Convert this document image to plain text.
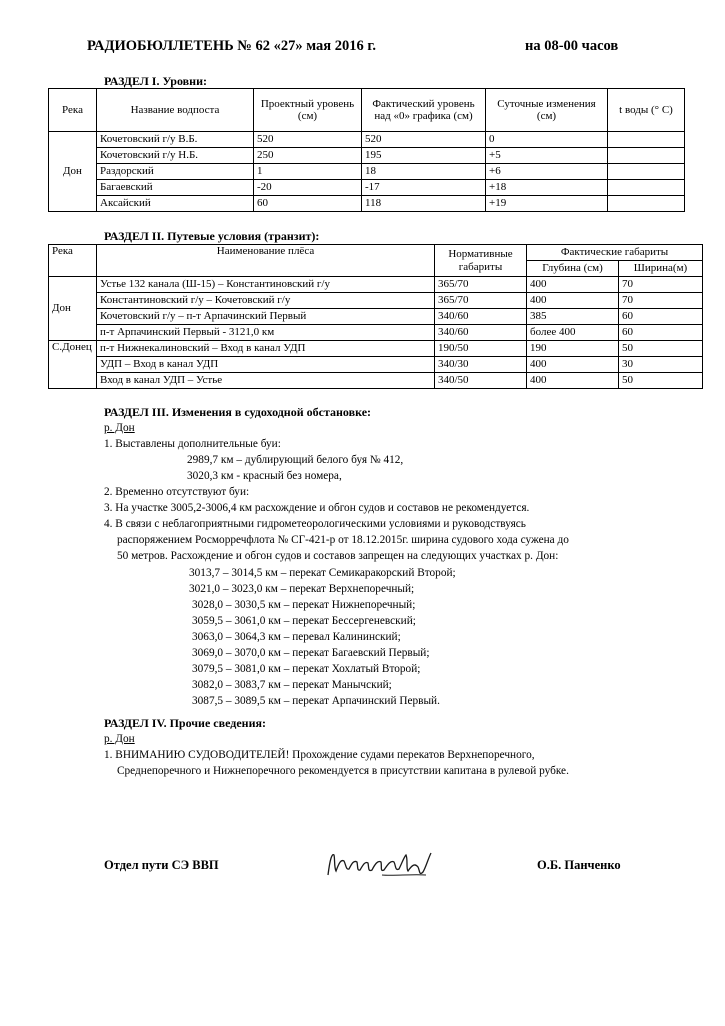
РАДИОБЮЛЛЕТЕНЬ № 62 «27» мая 2016 г.	на 08-00 часов
РАЗДЕЛ I. Уровни:
Река	Название водпоста	Проектный уровень (см)	Фактический уровень над «0» графика (см)	Суточные изменения (см)	t воды (° С)
Дон	Кочетовский г/у В.Б.	520	520	0	
	Кочетовский г/у Н.Б.	250	195	+5	
	Раздорский	1	18	+6	
	Багаевский	-20	-17	+18	
	Аксайский	60	118	+19	
РАЗДЕЛ II. Путевые условия (транзит):
Река	Наименование плёса	Нормативные габариты	Фактические габариты	
			Глубина (см)	Ширина(м)
Дон	Устье 132 канала (Ш-15) – Константиновский г/у	365/70	400	70
	Константиновский г/у – Кочетовский г/у	365/70	400	70
	Кочетовский г/у – п-т Арпачинский Первый	340/60	385	60
	п-т Арпачинский Первый - 3121,0 км	340/60	более 400	60
С.Донец	п-т Нижнекалиновский – Вход в канал УДП	190/50	190	50
	УДП – Вход в канал УДП	340/30	400	30
	Вход в канал УДП – Устье	340/50	400	50
РАЗДЕЛ III. Изменения в судоходной обстановке:
р. Дон
1. Выставлены дополнительные буи:
2989,7 км – дублирующий белого буя № 412,
3020,3 км - красный без номера,
2. Временно отсутствуют буи:
3. На участке 3005,2-3006,4 км расхождение и обгон судов и составов не рекомендуется.
4. В связи с неблагоприятными гидрометеорологическими условиями и руководствуясь
распоряжением Росморречфлота № СГ-421-р от 18.12.2015г. ширина судового хода сужена до
50 метров. Расхождение и обгон судов и составов запрещен на следующих участках р. Дон:
3013,7 – 3014,5 км – перекат Семикаракорский Второй;
3021,0 – 3023,0 км – перекат Верхнепоречный;
3028,0 – 3030,5 км – перекат Нижнепоречный;
3059,5 – 3061,0 км – перекат Бессергеневский;
3063,0 – 3064,3 км – перевал Калининский;
3069,0 – 3070,0 км – перекат Багаевский Первый;
3079,5 – 3081,0 км – перекат Хохлатый Второй;
3082,0 – 3083,7 км – перекат Манычский;
3087,5 – 3089,5 км – перекат Арпачинский Первый.
РАЗДЕЛ IV. Прочие сведения:
р. Дон
1. ВНИМАНИЮ СУДОВОДИТЕЛЕЙ! Прохождение судами перекатов Верхнепоречного,
Среднепоречного и Нижнепоречного рекомендуется в присутствии капитана в рулевой рубке.
Отдел пути СЭ ВВП	О.Б. Панченко
